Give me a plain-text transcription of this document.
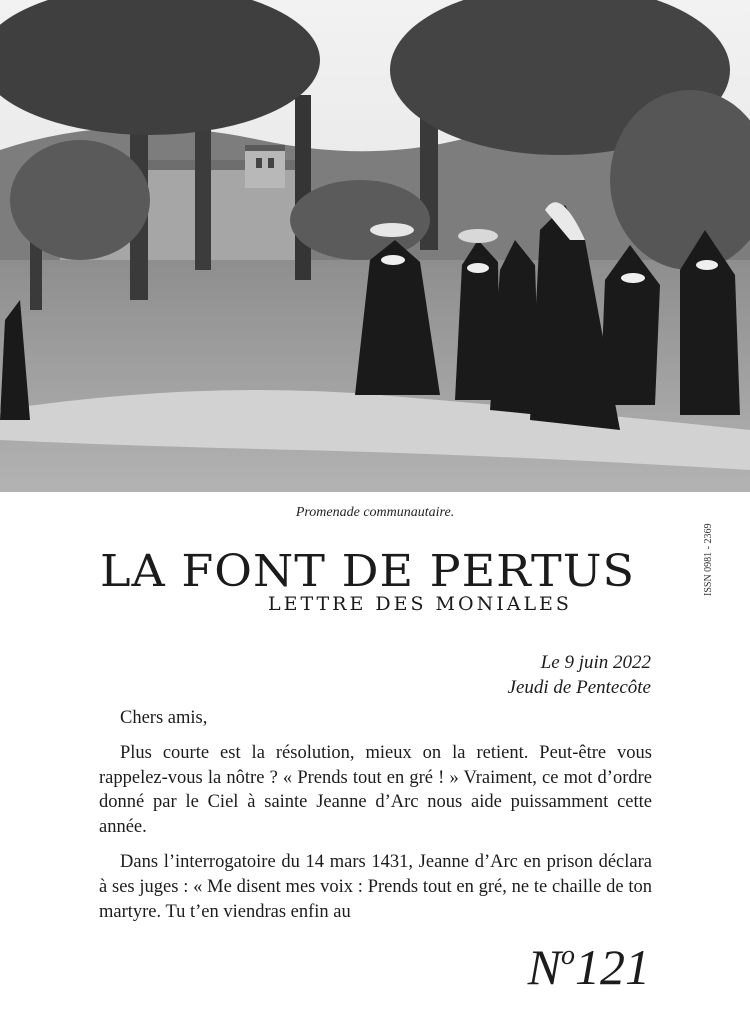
Promenade communautaire.
LA FONT DE PERTUS
LETTRE DES MONIALES
ISSN 0981 - 2369
Le 9 juin 2022
Jeudi de Pentecôte

Chers amis,

Plus courte est la résolution, mieux on la retient. Peut-être vous rappelez-vous la nôtre ? « Prends tout en gré ! » Vraiment, ce mot d’ordre donné par le Ciel à sainte Jeanne d’Arc nous aide puissamment cette année.

Dans l’interrogatoire du 14 mars 1431, Jeanne d’Arc en prison déclara à ses juges : « Me disent mes voix : Prends tout en gré, ne te chaille de ton martyre. Tu t’en viendras enfin au

$N^o121$
